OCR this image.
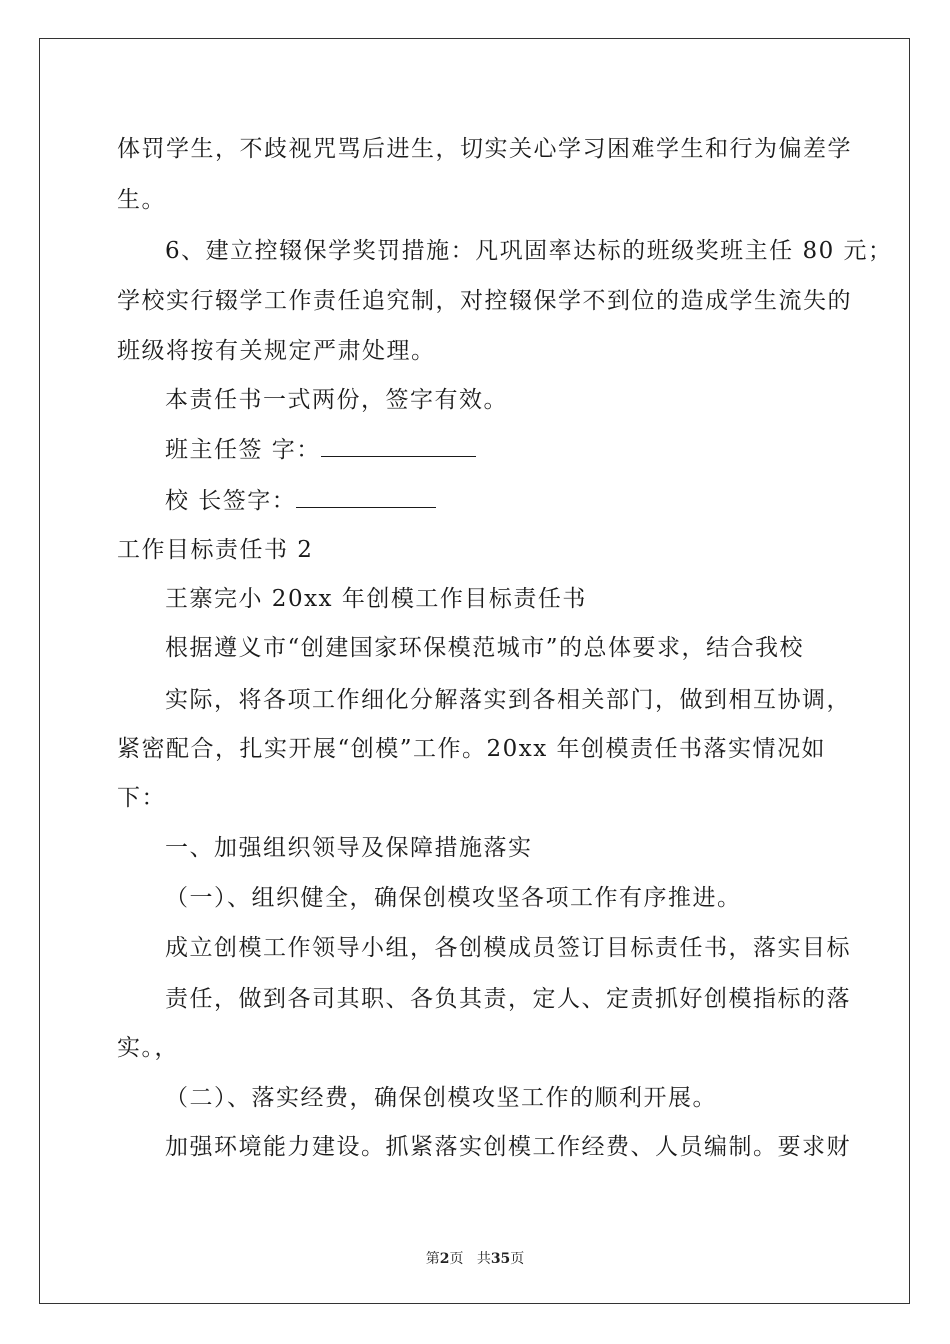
体罚学生，不歧视咒骂后进生，切实关心学习困难学生和行为偏差学
生。
6、建立控辍保学奖罚措施：凡巩固率达标的班级奖班主任 80 元；
学校实行辍学工作责任追究制，对控辍保学不到位的造成学生流失的
班级将按有关规定严肃处理。
本责任书一式两份，签字有效。
班主任签 字：
校 长签字：
工作目标责任书 2
王寨完小 20xx 年创模工作目标责任书
根据遵义市“创建国家环保模范城市”的总体要求，结合我校
实际，将各项工作细化分解落实到各相关部门，做到相互协调，
紧密配合，扎实开展“创模”工作。20xx 年创模责任书落实情况如
下：
一、加强组织领导及保障措施落实
（一）、组织健全，确保创模攻坚各项工作有序推进。
成立创模工作领导小组，各创模成员签订目标责任书，落实目标
责任，做到各司其职、各负其责，定人、定责抓好创模指标的落
实。，
（二）、落实经费，确保创模攻坚工作的顺利开展。
加强环境能力建设。抓紧落实创模工作经费、人员编制。要求财
第2页 共35页
